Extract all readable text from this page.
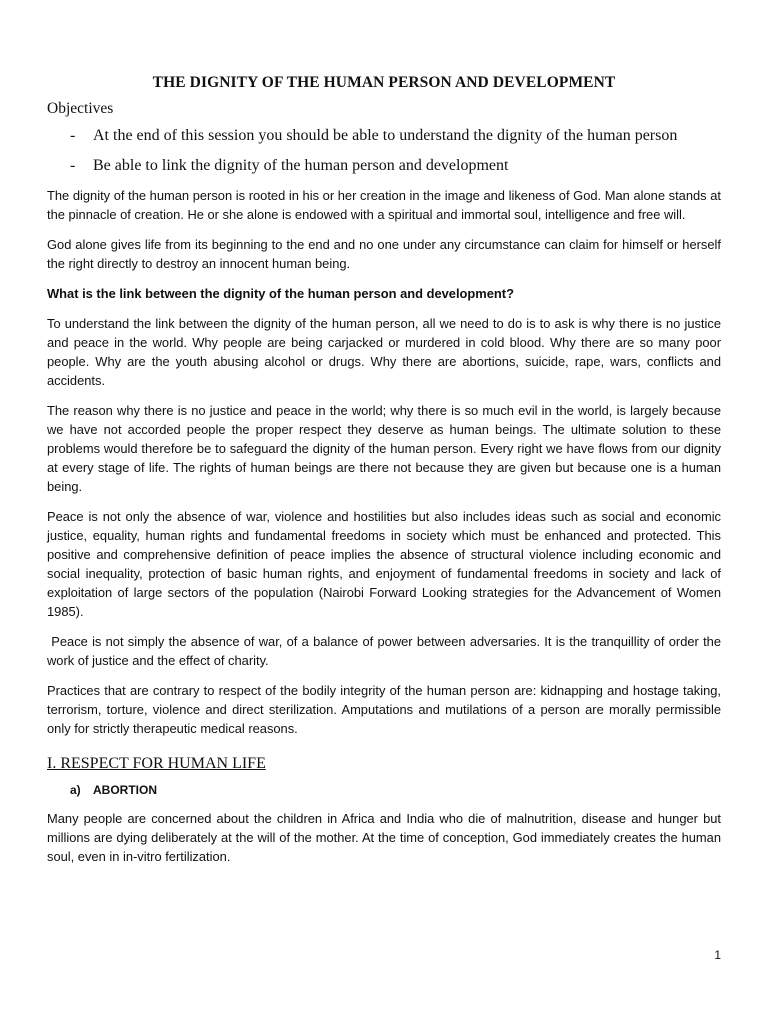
THE DIGNITY OF THE HUMAN PERSON AND DEVELOPMENT
Objectives
- At the end of this session you should be able to understand the dignity of the human person
- Be able to link the dignity of the human person and development

The dignity of the human person is rooted in his or her creation in the image and likeness of God. Man alone stands at the pinnacle of creation. He or she alone is endowed with a spiritual and immortal soul, intelligence and free will.

God alone gives life from its beginning to the end and no one under any circumstance can claim for himself or herself the right directly to destroy an innocent human being.

What is the link between the dignity of the human person and development?

To understand the link between the dignity of the human person, all we need to do is to ask is why there is no justice and peace in the world. Why people are being carjacked or murdered in cold blood. Why there are so many poor people. Why are the youth abusing alcohol or drugs. Why there are abortions, suicide, rape, wars, conflicts and accidents.

The reason why there is no justice and peace in the world; why there is so much evil in the world, is largely because we have not accorded people the proper respect they deserve as human beings. The ultimate solution to these problems would therefore be to safeguard the dignity of the human person. Every right we have flows from our dignity at every stage of life. The rights of human beings are there not because they are given but because one is a human being.

Peace is not only the absence of war, violence and hostilities but also includes ideas such as social and economic justice, equality, human rights and fundamental freedoms in society which must be enhanced and protected. This positive and comprehensive definition of peace implies the absence of structural violence including economic and social inequality, protection of basic human rights, and enjoyment of fundamental freedoms in society and lack of exploitation of large sectors of the population (Nairobi Forward Looking strategies for the Advancement of Women 1985).

Peace is not simply the absence of war, of a balance of power between adversaries. It is the tranquillity of order the work of justice and the effect of charity.

Practices that are contrary to respect of the bodily integrity of the human person are: kidnapping and hostage taking, terrorism, torture, violence and direct sterilization. Amputations and mutilations of a person are morally permissible only for strictly therapeutic medical reasons.

I. RESPECT FOR HUMAN LIFE
a) ABORTION

Many people are concerned about the children in Africa and India who die of malnutrition, disease and hunger but millions are dying deliberately at the will of the mother. At the time of conception, God immediately creates the human soul, even in in-vitro fertilization.

1
